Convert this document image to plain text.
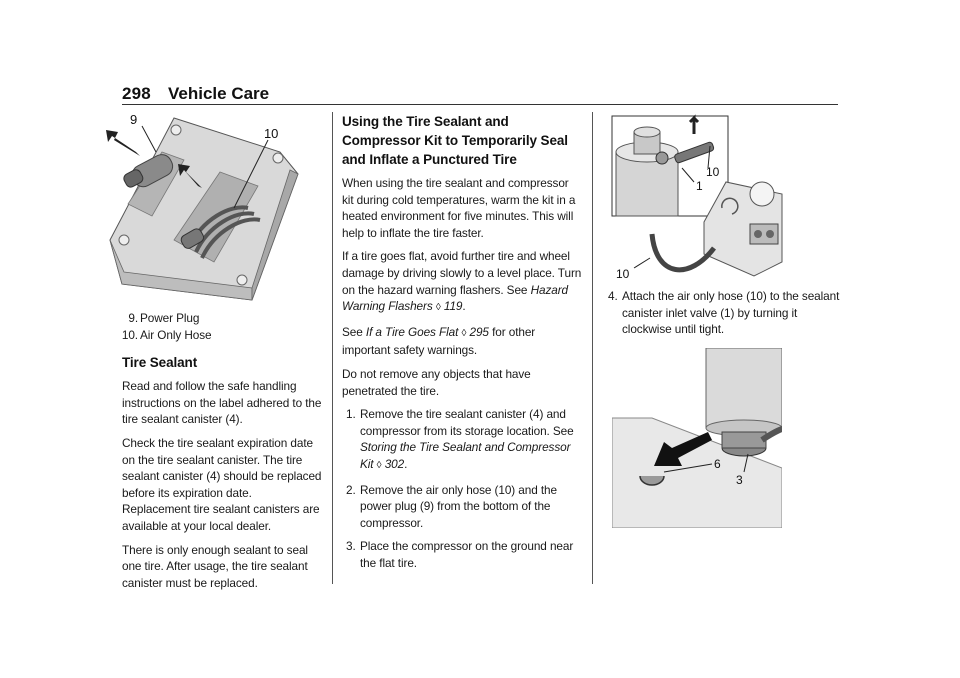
298 Vehicle Care
9
10
9. Power Plug
10. Air Only Hose
Tire Sealant

Read and follow the safe handling instructions on the label adhered to the tire sealant canister (4).

Check the tire sealant expiration date on the tire sealant canister. The tire sealant canister (4) should be replaced before its expiration date. Replacement tire sealant canisters are available at your local dealer.

There is only enough sealant to seal one tire. After usage, the tire sealant canister must be replaced.

Using the Tire Sealant and Compressor Kit to Temporarily Seal and Inflate a Punctured Tire

When using the tire sealant and compressor kit during cold temperatures, warm the kit in a heated environment for five minutes. This will help to inflate the tire faster.

If a tire goes flat, avoid further tire and wheel damage by driving slowly to a level place. Turn on the hazard warning flashers. See Hazard Warning Flashers ◊ 119.

See If a Tire Goes Flat ◊ 295 for other important safety warnings.

Do not remove any objects that have penetrated the tire.

1. Remove the tire sealant canister (4) and compressor from its storage location. See Storing the Tire Sealant and Compressor Kit ◊ 302.
2. Remove the air only hose (10) and the power plug (9) from the bottom of the compressor.
3. Place the compressor on the ground near the flat tire.
10
1
10
4. Attach the air only hose (10) to the sealant canister inlet valve (1) by turning it clockwise until tight.
6
3
